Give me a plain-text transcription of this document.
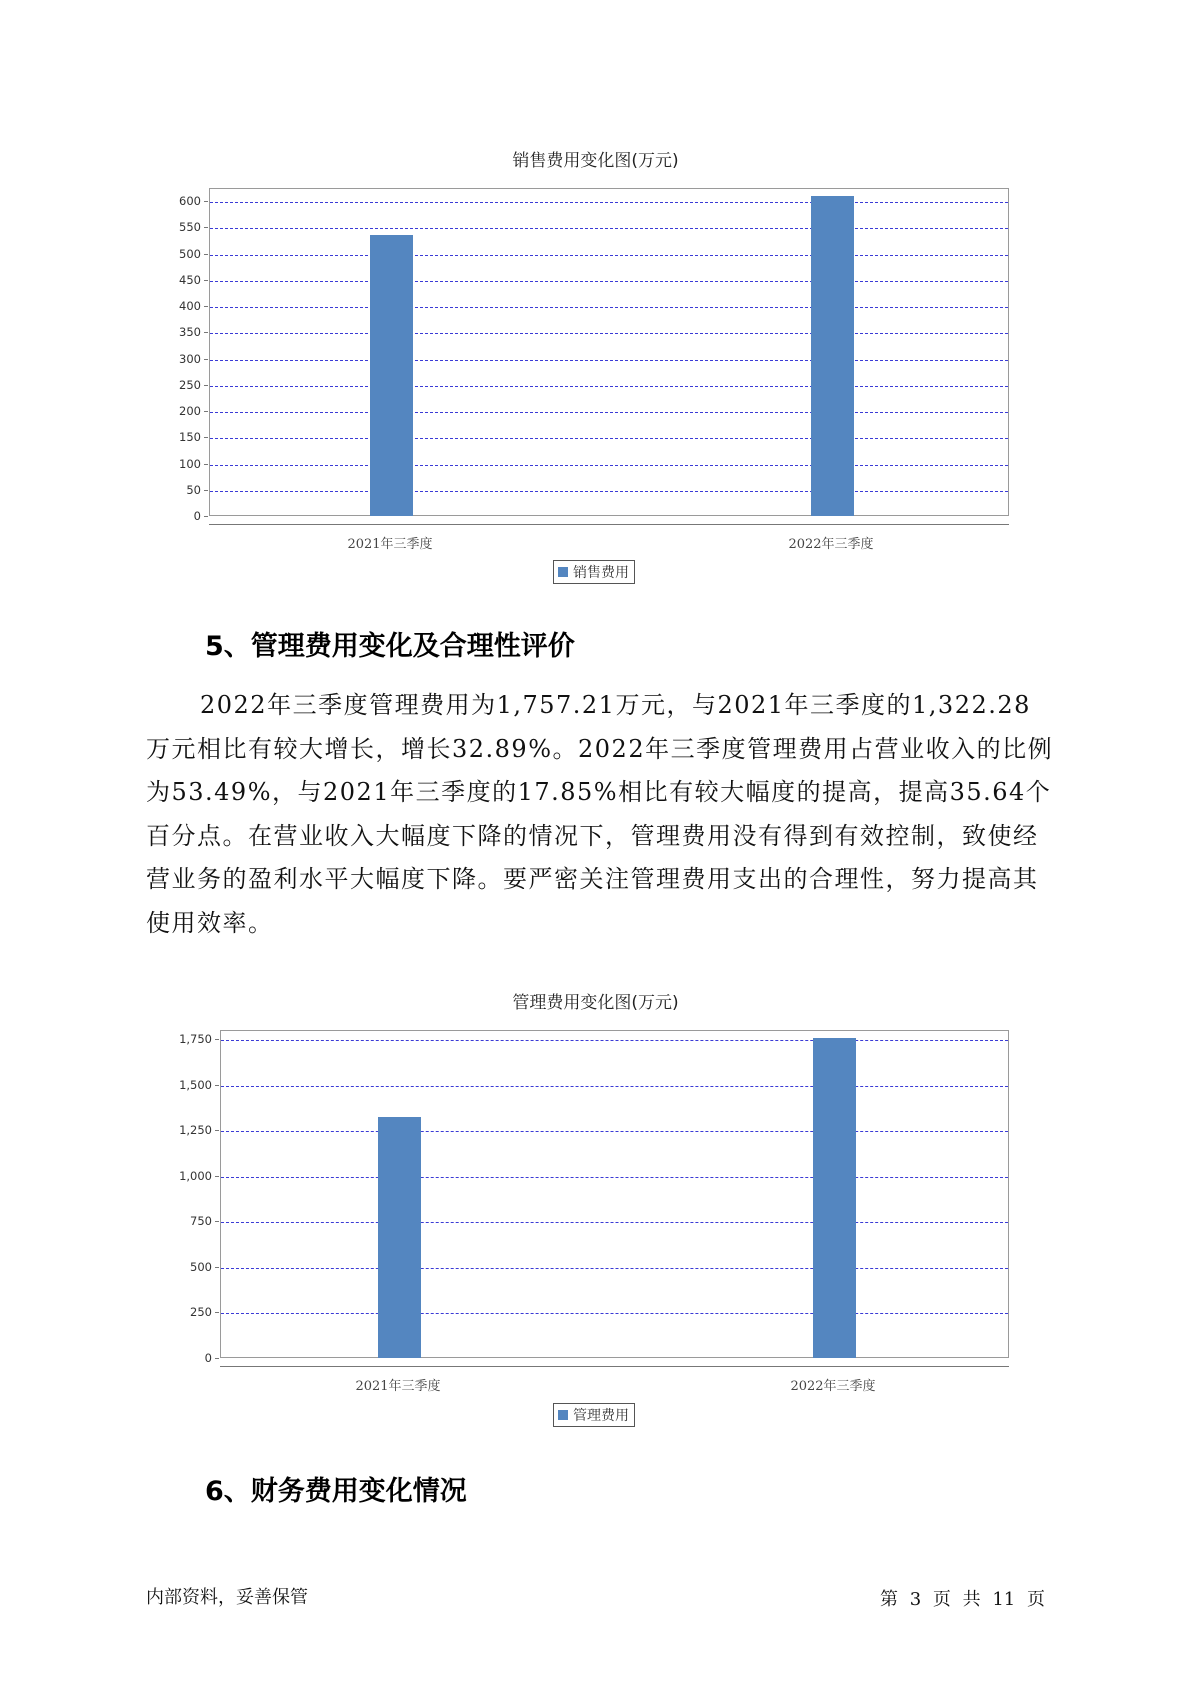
销售费用变化图(万元)
0
50
100
150
200
250
300
350
400
450
500
550
600
2021年三季度	2022年三季度
销售费用
5、管理费用变化及合理性评价

2022年三季度管理费用为1,757.21万元，与2021年三季度的1,322.28万元相比有较大增长，增长32.89%。2022年三季度管理费用占营业收入的比例为53.49%，与2021年三季度的17.85%相比有较大幅度的提高，提高35.64个百分点。在营业收入大幅度下降的情况下，管理费用没有得到有效控制，致使经营业务的盈利水平大幅度下降。要严密关注管理费用支出的合理性，努力提高其使用效率。

管理费用变化图(万元)
0
250
500
750
1,000
1,250
1,500
1,750
2021年三季度	2022年三季度
管理费用
6、财务费用变化情况
内部资料，妥善保管	第 3 页 共 11 页
